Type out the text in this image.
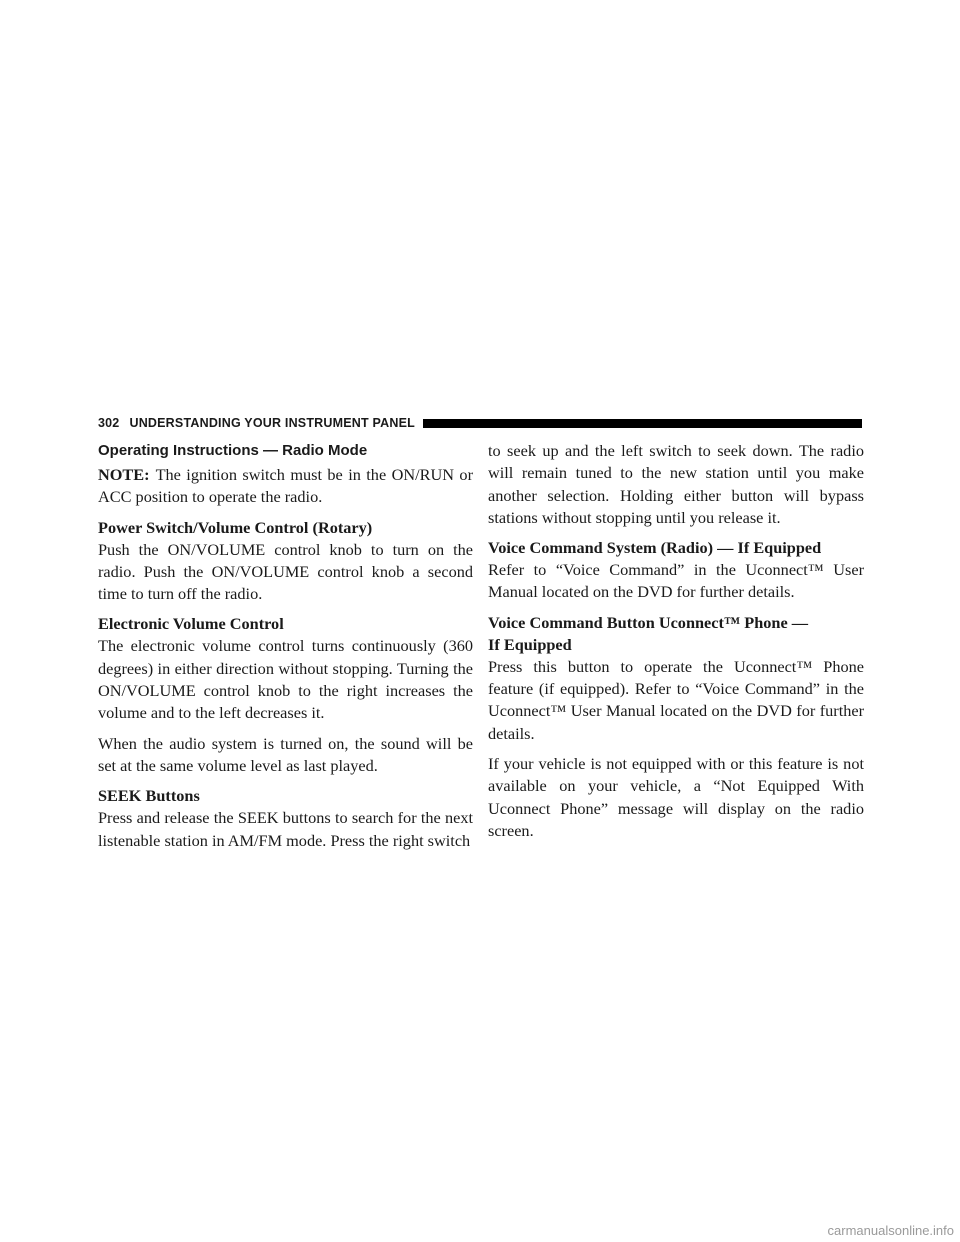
302 UNDERSTANDING YOUR INSTRUMENT PANEL
Operating Instructions — Radio Mode

NOTE: The ignition switch must be in the ON/RUN or ACC position to operate the radio.

Power Switch/Volume Control (Rotary)

Push the ON/VOLUME control knob to turn on the radio. Push the ON/VOLUME control knob a second time to turn off the radio.

Electronic Volume Control

The electronic volume control turns continuously (360 degrees) in either direction without stopping. Turning the ON/VOLUME control knob to the right increases the volume and to the left decreases it.

When the audio system is turned on, the sound will be set at the same volume level as last played.

SEEK Buttons

Press and release the SEEK buttons to search for the next listenable station in AM/FM mode. Press the right switch

to seek up and the left switch to seek down. The radio will remain tuned to the new station until you make another selection. Holding either button will bypass stations without stopping until you release it.

Voice Command System (Radio) — If Equipped

Refer to “Voice Command” in the Uconnect™ User Manual located on the DVD for further details.

Voice Command Button Uconnect™ Phone —
If Equipped

Press this button to operate the Uconnect™ Phone feature (if equipped). Refer to “Voice Command” in the Uconnect™ User Manual located on the DVD for further details.

If your vehicle is not equipped with or this feature is not available on your vehicle, a “Not Equipped With Uconnect Phone” message will display on the radio screen.

carmanualsonline.info
